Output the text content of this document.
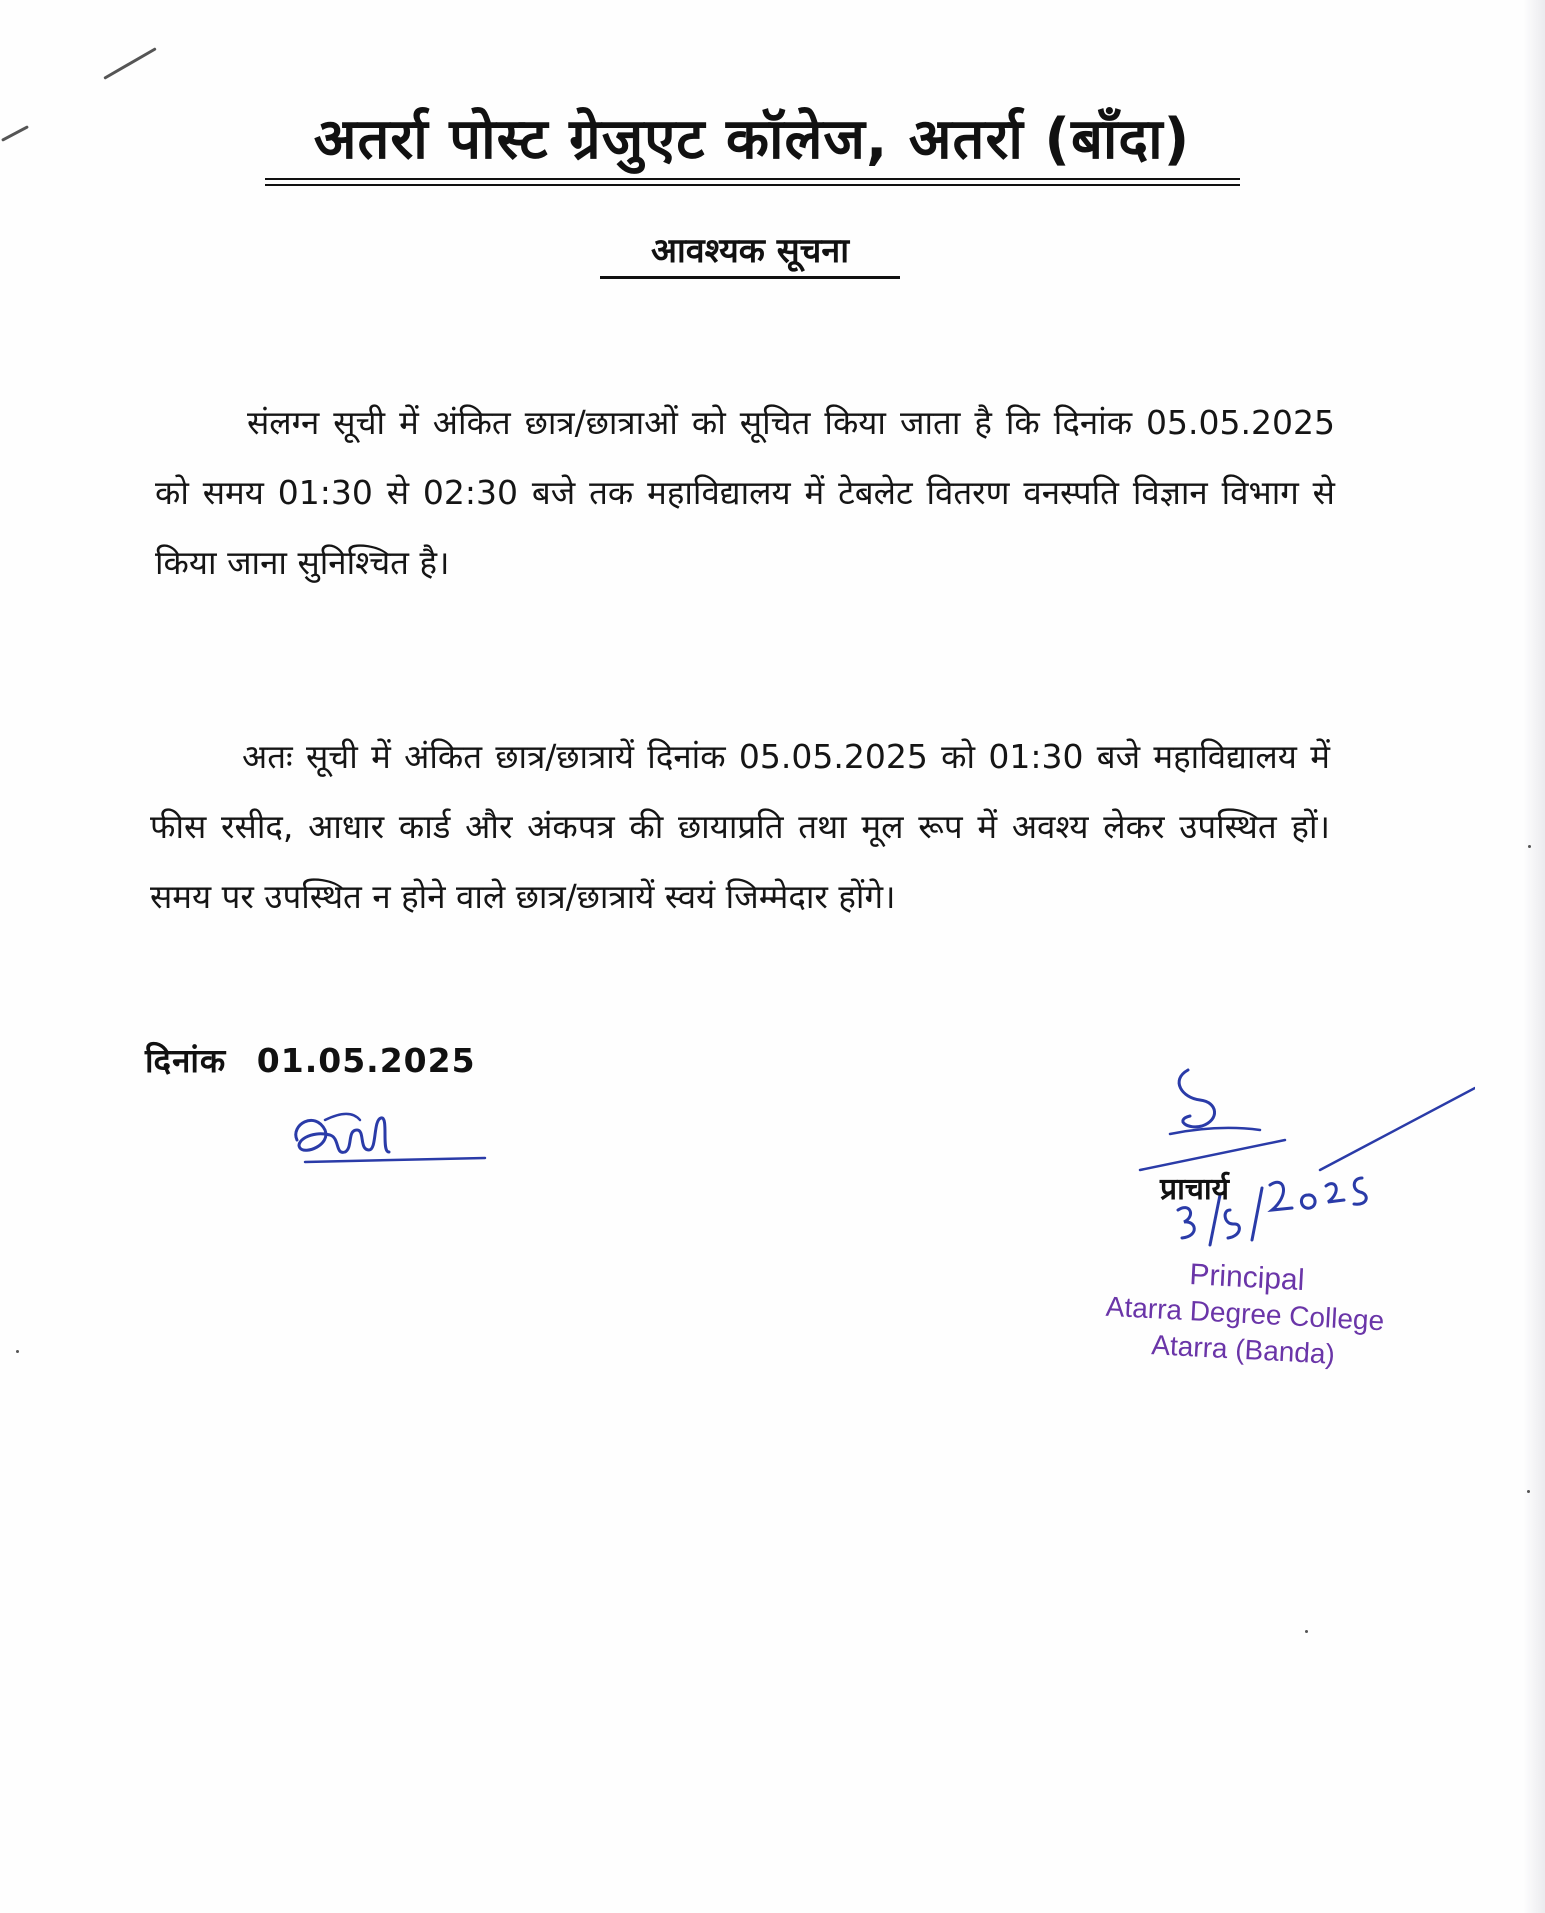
अतर्रा पोस्ट ग्रेजुएट कॉलेज, अतर्रा (बाँदा)
आवश्यक सूचना

संलग्न सूची में अंकित छात्र/छात्राओं को सूचित किया जाता है कि दिनांक 05.05.2025 को समय 01:30 से 02:30 बजे तक महाविद्यालय में टेबलेट वितरण वनस्पति विज्ञान विभाग से किया जाना सुनिश्चित है।

अतः सूची में अंकित छात्र/छात्रायें दिनांक 05.05.2025 को 01:30 बजे महाविद्यालय में फीस रसीद, आधार कार्ड और अंकपत्र की छायाप्रति तथा मूल रूप में अवश्य लेकर उपस्थित हों। समय पर उपस्थित न होने वाले छात्र/छात्रायें स्वयं जिम्मेदार होंगे।

दिनांक 01.05.2025
प्राचार्य
Principal
Atarra Degree College
Atarra (Banda)
